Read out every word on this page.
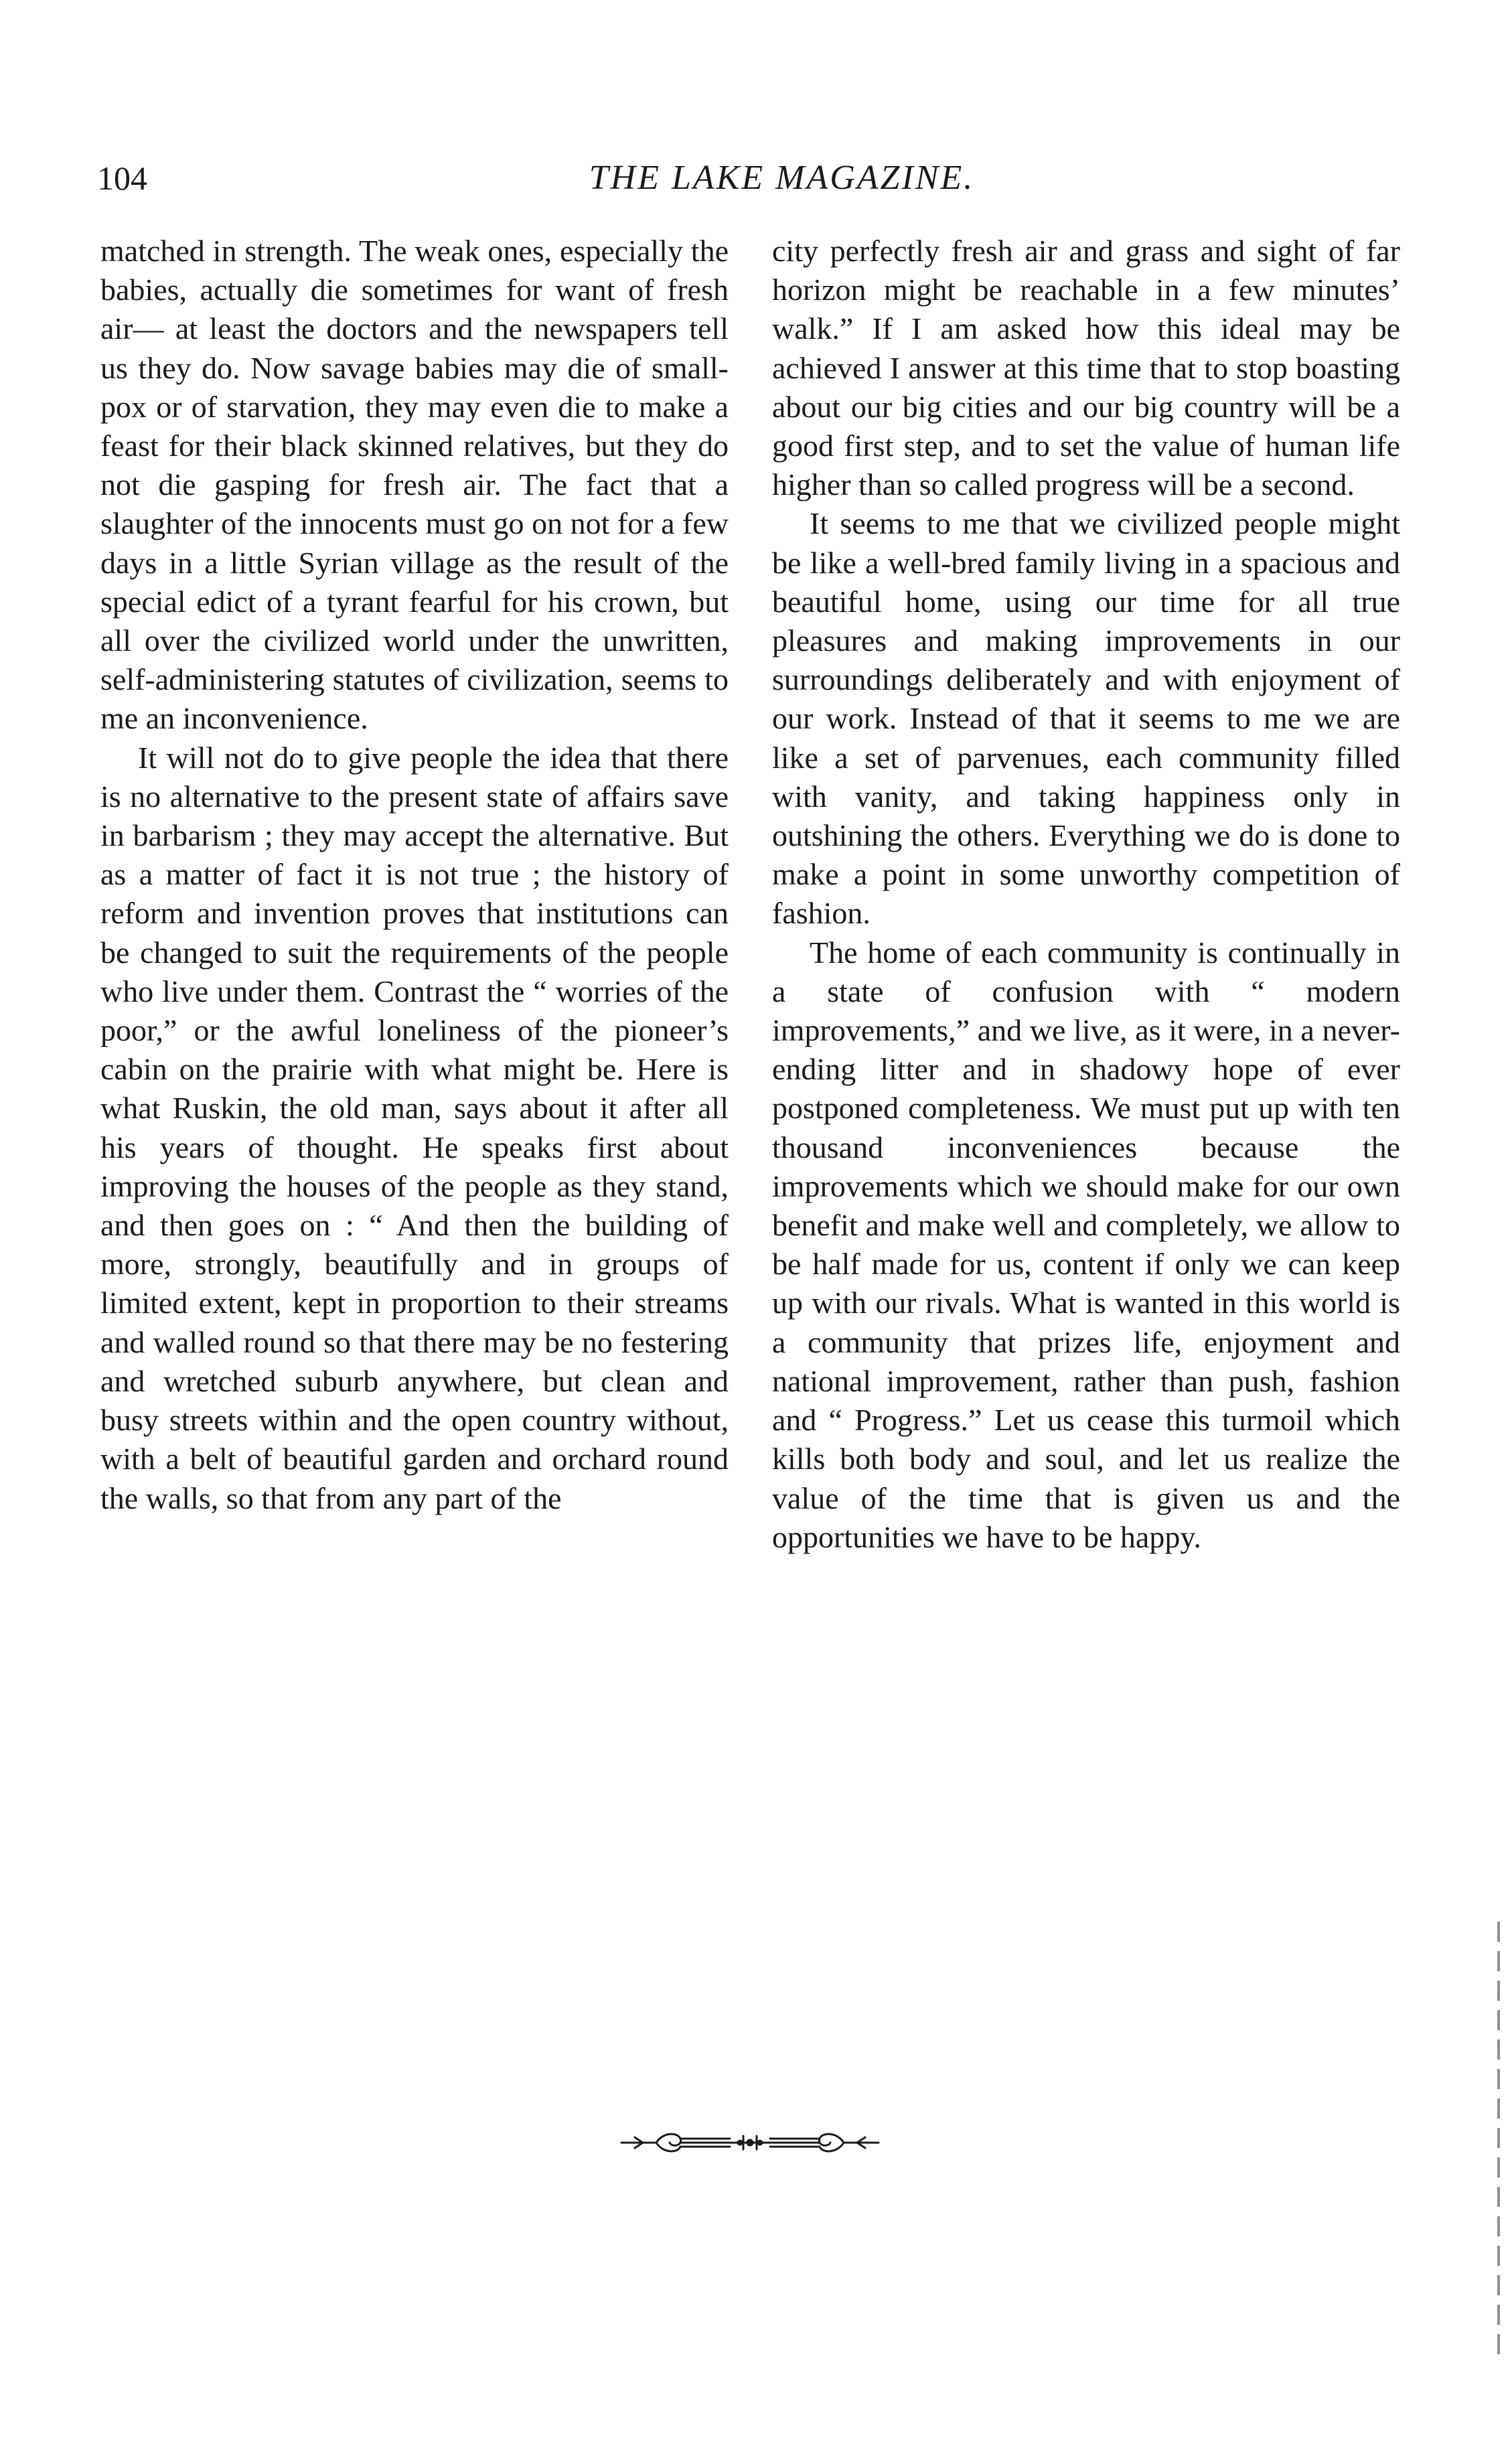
104	THE LAKE MAGAZINE.

matched in strength. The weak ones, especially the babies, actually die sometimes for want of fresh air— at least the doctors and the newspapers tell us they do. Now savage babies may die of small-pox or of starvation, they may even die to make a feast for their black skinned relatives, but they do not die gasping for fresh air. The fact that a slaughter of the innocents must go on not for a few days in a little Syrian village as the result of the special edict of a tyrant fearful for his crown, but all over the civilized world under the unwritten, self-administering statutes of civilization, seems to me an inconvenience.

It will not do to give people the idea that there is no alternative to the present state of affairs save in barbarism ; they may accept the alternative. But as a matter of fact it is not true ; the history of reform and invention proves that institutions can be changed to suit the requirements of the people who live under them. Contrast the “ worries of the poor,” or the awful loneliness of the pioneer’s cabin on the prairie with what might be. Here is what Ruskin, the old man, says about it after all his years of thought. He speaks first about improving the houses of the people as they stand, and then goes on : “ And then the building of more, strongly, beautifully and in groups of limited extent, kept in proportion to their streams and walled round so that there may be no festering and wretched suburb anywhere, but clean and busy streets within and the open country without, with a belt of beautiful garden and orchard round the walls, so that from any part of the

city perfectly fresh air and grass and sight of far horizon might be reachable in a few minutes’ walk.” If I am asked how this ideal may be achieved I answer at this time that to stop boasting about our big cities and our big country will be a good first step, and to set the value of human life higher than so called progress will be a second.

It seems to me that we civilized people might be like a well-bred family living in a spacious and beautiful home, using our time for all true pleasures and making improvements in our surroundings deliberately and with enjoyment of our work. Instead of that it seems to me we are like a set of parvenues, each community filled with vanity, and taking happiness only in outshining the others. Everything we do is done to make a point in some unworthy competition of fashion.

The home of each community is continually in a state of confusion with “ modern improvements,” and we live, as it were, in a never-ending litter and in shadowy hope of ever postponed completeness. We must put up with ten thousand inconveniences because the improvements which we should make for our own benefit and make well and completely, we allow to be half made for us, content if only we can keep up with our rivals. What is wanted in this world is a community that prizes life, enjoyment and national improvement, rather than push, fashion and “ Progress.” Let us cease this turmoil which kills both body and soul, and let us realize the value of the time that is given us and the opportunities we have to be happy.
